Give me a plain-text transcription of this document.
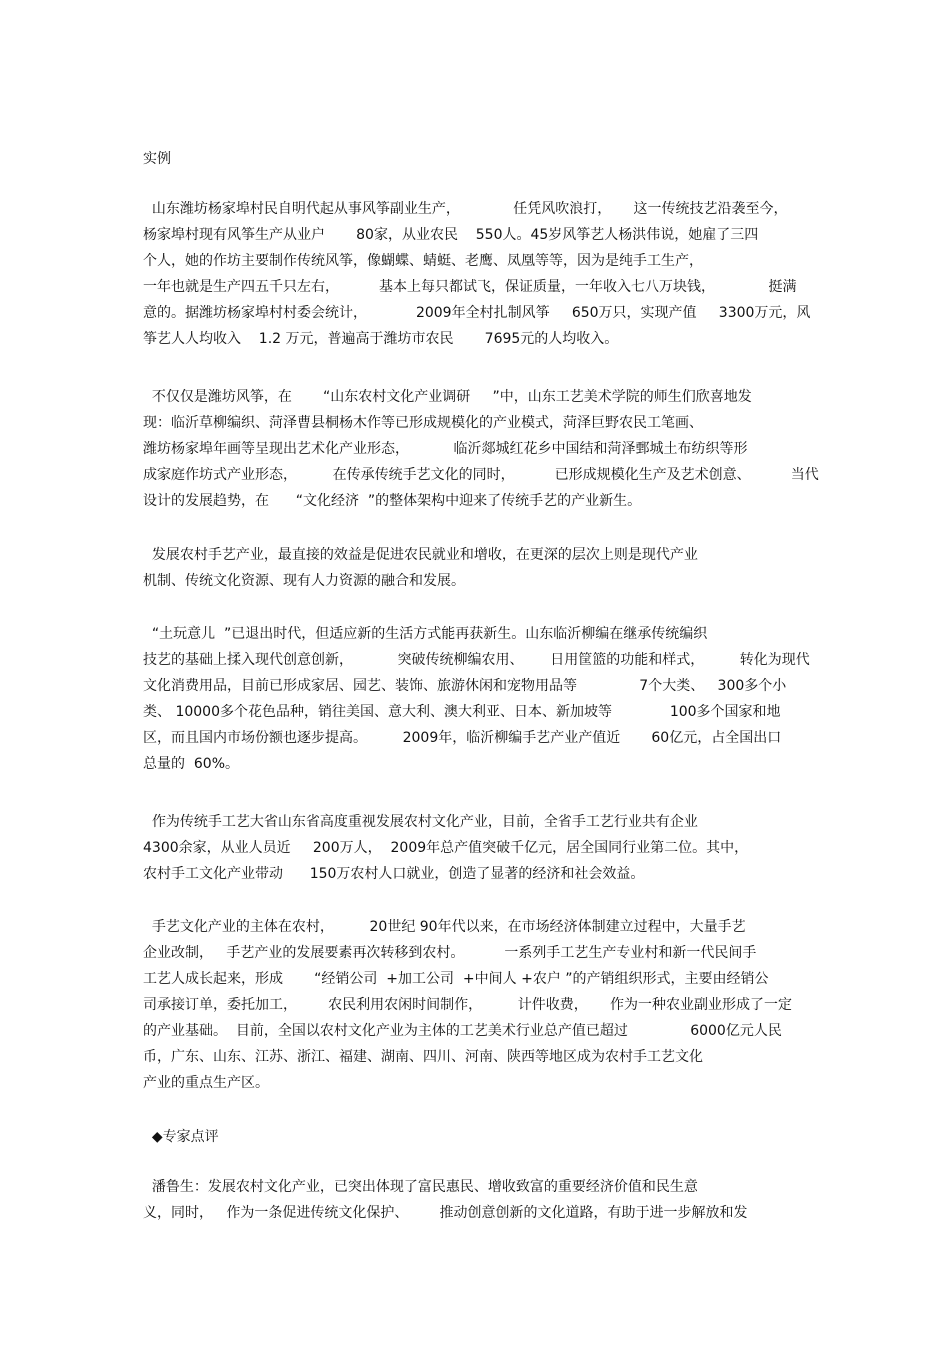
实例
山东潍坊杨家埠村民自明代起从事风筝副业生产，            任凭风吹浪打，     这一传统技艺沿袭至今，
杨家埠村现有风筝生产从业户       80家，从业农民    550人。45岁风筝艺人杨洪伟说，她雇了三四
个人，她的作坊主要制作传统风筝，像蝴蝶、蜻蜓、老鹰、凤凰等等，因为是纯手工生产，
一年也就是生产四五千只左右，         基本上每只都试飞，保证质量，一年收入七八万块钱，            挺满
意的。据潍坊杨家埠村村委会统计，           2009年全村扎制风筝     650万只，实现产值     3300万元，风
筝艺人人均收入    1.2 万元，普遍高于潍坊市农民       7695元的人均收入。
不仅仅是潍坊风筝，在       “山东农村文化产业调研     ”中，山东工艺美术学院的师生们欣喜地发
现：临沂草柳编织、菏泽曹县桐杨木作等已形成规模化的产业模式，菏泽巨野农民工笔画、
潍坊杨家埠年画等呈现出艺术化产业形态，          临沂郯城红花乡中国结和菏泽鄄城土布纺织等形
成家庭作坊式产业形态，        在传承传统手艺文化的同时，         已形成规模化生产及艺术创意、         当代
设计的发展趋势，在      “文化经济  ”的整体架构中迎来了传统手艺的产业新生。
发展农村手艺产业，最直接的效益是促进农民就业和增收，在更深的层次上则是现代产业
机制、传统文化资源、现有人力资源的融合和发展。
“土玩意儿  ”已退出时代，但适应新的生活方式能再获新生。山东临沂柳编在继承传统编织
技艺的基础上揉入现代创意创新，          突破传统柳编农用、      日用筐篮的功能和样式，        转化为现代
文化消费用品，目前已形成家居、园艺、装饰、旅游休闲和宠物用品等              7个大类、   300多个小
类、 10000多个花色品种，销往美国、意大利、澳大利亚、日本、新加坡等             100多个国家和地
区，而且国内市场份额也逐步提高。        2009年，临沂柳编手艺产业产值近       60亿元，占全国出口
总量的  60%。
作为传统手工艺大省山东省高度重视发展农村文化产业，目前，全省手工艺行业共有企业
4300余家，从业人员近     200万人，  2009年总产值突破千亿元，居全国同行业第二位。其中，
农村手工文化产业带动      150万农村人口就业，创造了显著的经济和社会效益。
手艺文化产业的主体在农村，        20世纪 90年代以来，在市场经济体制建立过程中，大量手艺
企业改制，   手艺产业的发展要素再次转移到农村。         一系列手工艺生产专业村和新一代民间手
工艺人成长起来，形成       “经销公司  +加工公司  +中间人 +农户 ”的产销组织形式，主要由经销公
司承接订单，委托加工，       农民利用农闲时间制作，        计件收费，     作为一种农业副业形成了一定
的产业基础。  目前，全国以农村文化产业为主体的工艺美术行业总产值已超过              6000亿元人民
币，广东、山东、江苏、浙江、福建、湖南、四川、河南、陕西等地区成为农村手工艺文化
产业的重点生产区。
◆专家点评
潘鲁生：发展农村文化产业，已突出体现了富民惠民、增收致富的重要经济价值和民生意
义，同时，   作为一条促进传统文化保护、       推动创意创新的文化道路，有助于进一步解放和发
